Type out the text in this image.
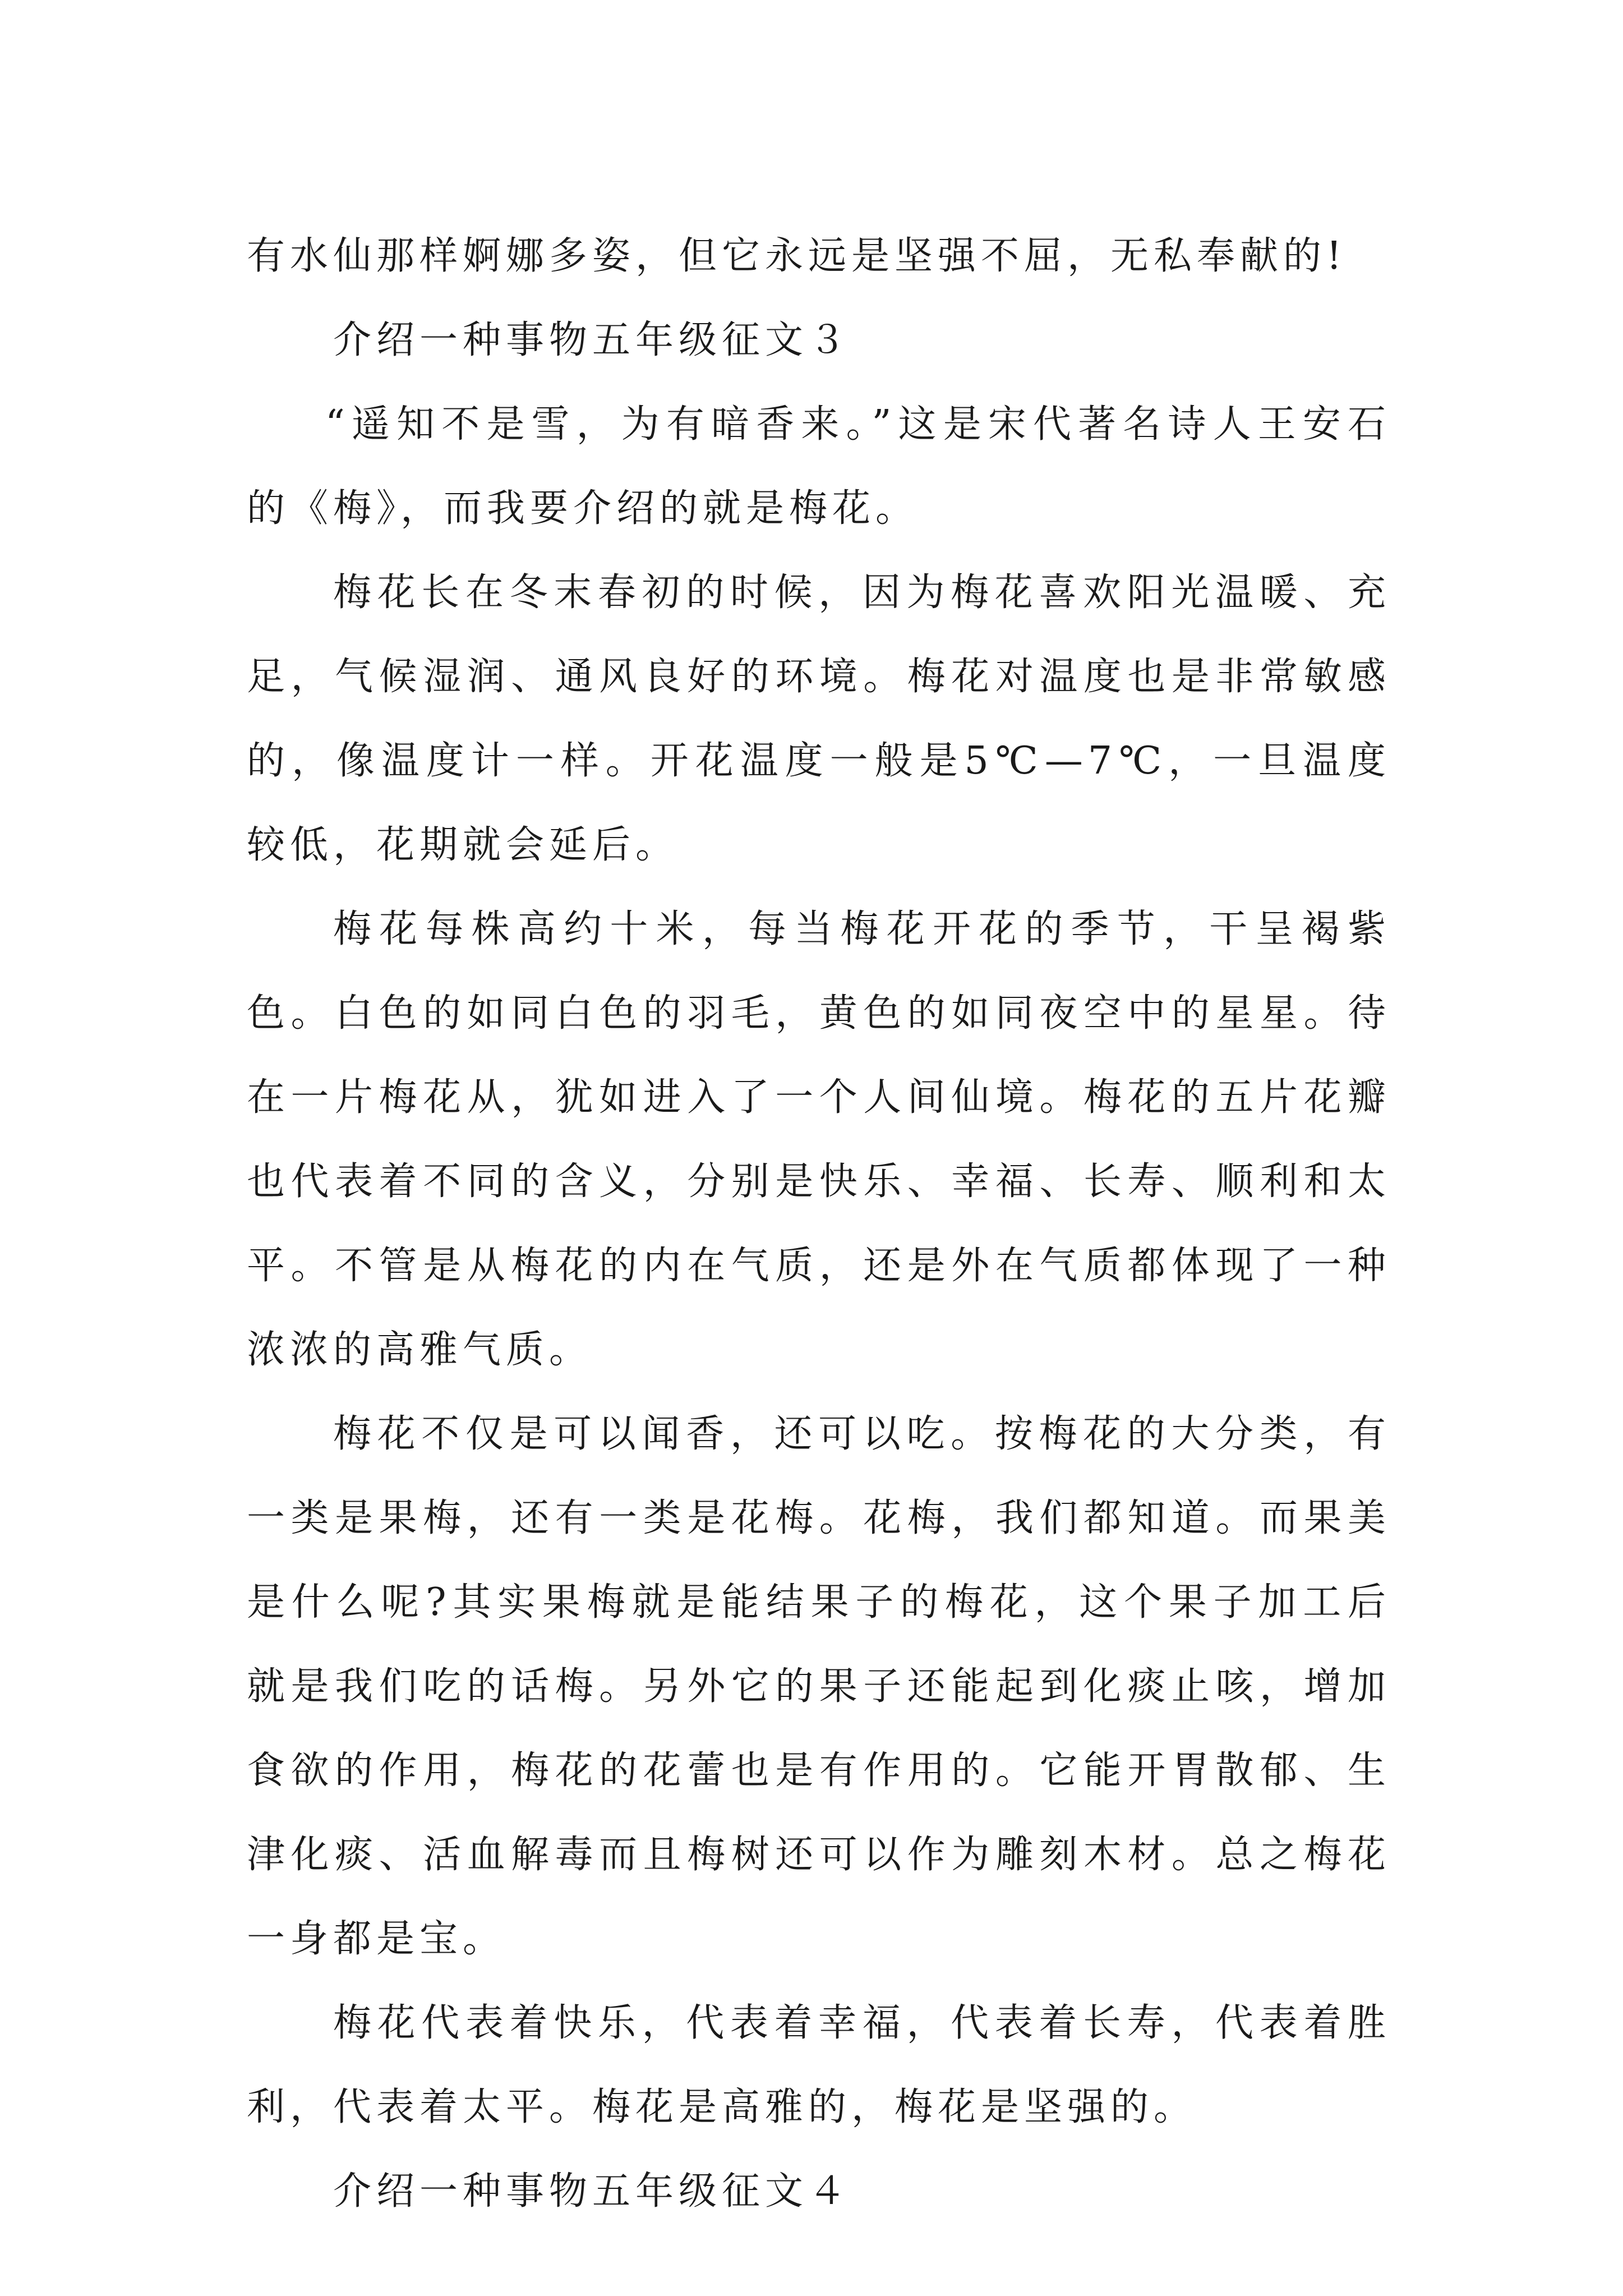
有水仙那样婀娜多姿，但它永远是坚强不屈，无私奉献的!

介绍一种事物五年级征文３

“遥知不是雪，为有暗香来。”这是宋代著名诗人王安石的《梅》，而我要介绍的就是梅花。

梅花长在冬末春初的时候，因为梅花喜欢阳光温暖、充足，气候湿润、通风良好的环境。梅花对温度也是非常敏感的，像温度计一样。开花温度一般是5℃—7℃，一旦温度较低，花期就会延后。

梅花每株高约十米，每当梅花开花的季节，干呈褐紫色。白色的如同白色的羽毛，黄色的如同夜空中的星星。待在一片梅花从，犹如进入了一个人间仙境。梅花的五片花瓣也代表着不同的含义，分别是快乐、幸福、长寿、顺利和太平。不管是从梅花的内在气质，还是外在气质都体现了一种浓浓的高雅气质。

梅花不仅是可以闻香，还可以吃。按梅花的大分类，有一类是果梅，还有一类是花梅。花梅，我们都知道。而果美是什么呢?其实果梅就是能结果子的梅花，这个果子加工后就是我们吃的话梅。另外它的果子还能起到化痰止咳，增加食欲的作用，梅花的花蕾也是有作用的。它能开胃散郁、生津化痰、活血解毒而且梅树还可以作为雕刻木材。总之梅花一身都是宝。

梅花代表着快乐，代表着幸福，代表着长寿，代表着胜利，代表着太平。梅花是高雅的，梅花是坚强的。

介绍一种事物五年级征文４
